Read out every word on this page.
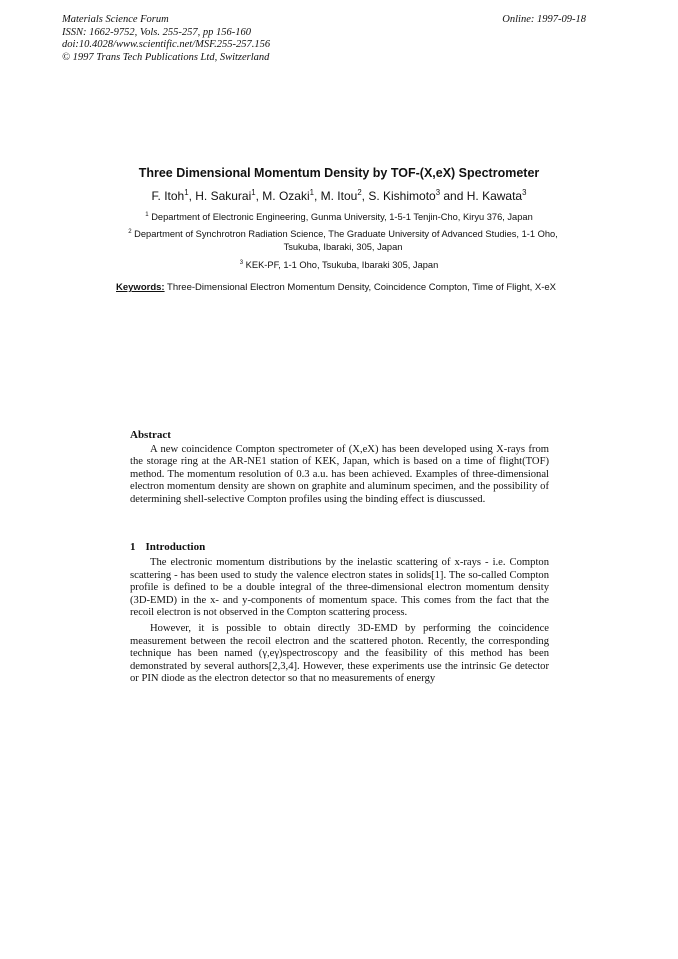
Materials Science Forum
ISSN: 1662-9752, Vols. 255-257, pp 156-160
doi:10.4028/www.scientific.net/MSF.255-257.156
© 1997 Trans Tech Publications Ltd, Switzerland
Online: 1997-09-18
Three Dimensional Momentum Density by TOF-(X,eX) Spectrometer
F. Itoh$^1$, H. Sakurai$^1$, M. Ozaki$^1$, M. Itou$^2$, S. Kishimoto$^3$ and H. Kawata$^3$
$^1$ Department of Electronic Engineering, Gunma University, 1-5-1 Tenjin-Cho, Kiryu 376, Japan
$^2$ Department of Synchrotron Radiation Science, The Graduate University of Advanced Studies, 1-1 Oho, Tsukuba, Ibaraki, 305, Japan
$^3$ KEK-PF, 1-1 Oho, Tsukuba, Ibaraki 305, Japan
Keywords: Three-Dimensional Electron Momentum Density, Coincidence Compton, Time of Flight, X-eX
Abstract
A new coincidence Compton spectrometer of (X,eX) has been developed using X-rays from the storage ring at the AR-NE1 station of KEK, Japan, which is based on a time of flight(TOF) method. The momentum resolution of 0.3 a.u. has been achieved. Examples of three-dimensional electron momentum density are shown on graphite and aluminum specimen, and the possibility of determining shell-selective Compton profiles using the binding effect is diuscussed.
1 Introduction

The electronic momentum distributions by the inelastic scattering of x-rays - i.e. Compton scattering - has been used to study the valence electron states in solids[1]. The so-called Compton profile is defined to be a double integral of the three-dimensional electron momentum density (3D-EMD) in the x- and y-components of momentum space. This comes from the fact that the recoil electron is not observed in the Compton scattering process.

However, it is possible to obtain directly 3D-EMD by performing the coincidence measurement between the recoil electron and the scattered photon. Recently, the corresponding technique has been named (γ,eγ)spectroscopy and the feasibility of this method has been demonstrated by several authors[2,3,4]. However, these experiments use the intrinsic Ge detector or PIN diode as the electron detector so that no measurements of energy
